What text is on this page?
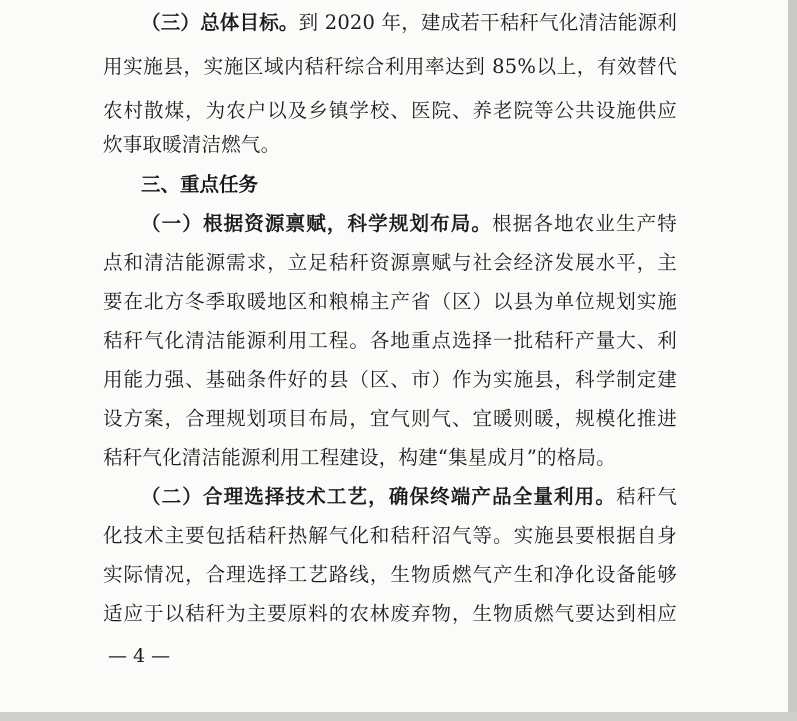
（三）总体目标。到 2020 年，建成若干秸秆气化清洁能源利
用实施县，实施区域内秸秆综合利用率达到 85%以上，有效替代
农村散煤，为农户以及乡镇学校、医院、养老院等公共设施供应
炊事取暖清洁燃气。
三、重点任务
（一）根据资源禀赋，科学规划布局。根据各地农业生产特
点和清洁能源需求，立足秸秆资源禀赋与社会经济发展水平，主
要在北方冬季取暖地区和粮棉主产省（区）以县为单位规划实施
秸秆气化清洁能源利用工程。各地重点选择一批秸秆产量大、利
用能力强、基础条件好的县（区、市）作为实施县，科学制定建
设方案，合理规划项目布局，宜气则气、宜暖则暖，规模化推进
秸秆气化清洁能源利用工程建设，构建“集星成月”的格局。
（二）合理选择技术工艺，确保终端产品全量利用。秸秆气
化技术主要包括秸秆热解气化和秸秆沼气等。实施县要根据自身
实际情况，合理选择工艺路线，生物质燃气产生和净化设备能够
适应于以秸秆为主要原料的农林废弃物，生物质燃气要达到相应
— 4 —
